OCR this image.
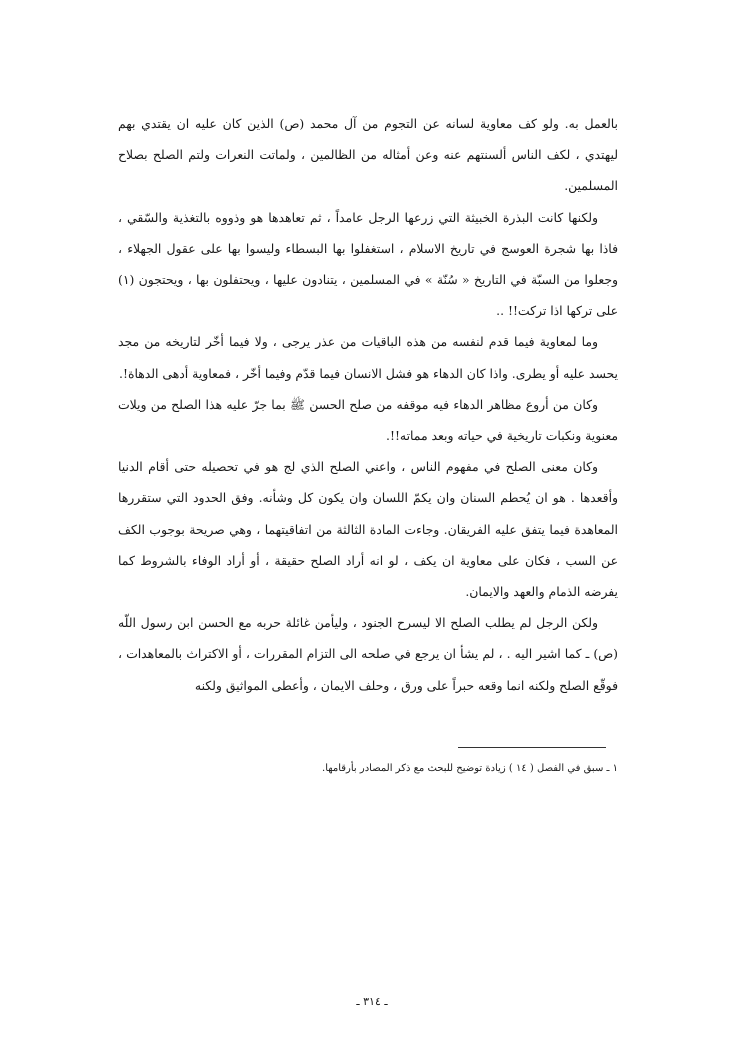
بالعمل به. ولو كف معاوية لسانه عن التجوم من آل محمد (ص) الذين كان عليه ان يقتدي بهم ليهتدي ، لكف الناس ألسنتهم عنه وعن أمثاله من الظالمين ، ولماتت النعرات ولتم الصلح بصلاح المسلمين.

ولكنها كانت البذرة الخبيثة التي زرعها الرجل عامداً ، ثم تعاهدها هو وذووه بالتغذية والسّقي ، فاذا بها شجرة العوسج في تاريخ الاسلام ، استغفلوا بها البسطاء وليسوا بها على عقول الجهلاء ، وجعلوا من السبّة في التاريخ « سُنّة » في المسلمين ، يتنادون عليها ، ويحتفلون بها ، ويحتجون (١) على تركها اذا تركت!! ..

وما لمعاوية فيما قدم لنفسه من هذه الباقيات من عذر يرجى ، ولا فيما أخّر لتاريخه من مجد يحسد عليه أو يطرى. واذا كان الدهاء هو فشل الانسان فيما قدّم وفيما أخّر ، فمعاوية أدهى الدهاة!.

وكان من أروع مظاهر الدهاء فيه موقفه من صلح الحسن ﷺ بما جرّ عليه هذا الصلح من ويلات معنوية ونكبات تاريخية في حياته وبعد مماته!!.

وكان معنى الصلح في مفهوم الناس ، واعني الصلح الذي لج هو في تحصيله حتى أقام الدنيا وأقعدها . هو ان يُحطم السنان وان يكمّ اللسان وان يكون كل وشأنه. وفق الحدود التي ستقررها المعاهدة فيما يتفق عليه الفريقان. وجاءت المادة الثالثة من اتفاقيتهما ، وهي صريحة بوجوب الكف عن السب ، فكان على معاوية ان يكف ، لو انه أراد الصلح حقيقة ، أو أراد الوفاء بالشروط كما يفرضه الذمام والعهد والايمان.

ولكن الرجل لم يطلب الصلح الا ليسرح الجنود ، وليأمن غائلة حربه مع الحسن ابن رسول اللّه (ص) ـ كما اشير اليه . ، لم يشأ ان يرجع في صلحه الى التزام المقررات ، أو الاكتراث بالمعاهدات ، فوقّع الصلح ولكنه انما وقعه حبراً على ورق ، وحلف الايمان ، وأعطى المواثيق ولكنه

١ ـ سبق في الفصل ( ١٤ ) زيادة توضيح للبحث مع ذكر المصادر بأرقامها.
ـ ٣١٤ ـ
